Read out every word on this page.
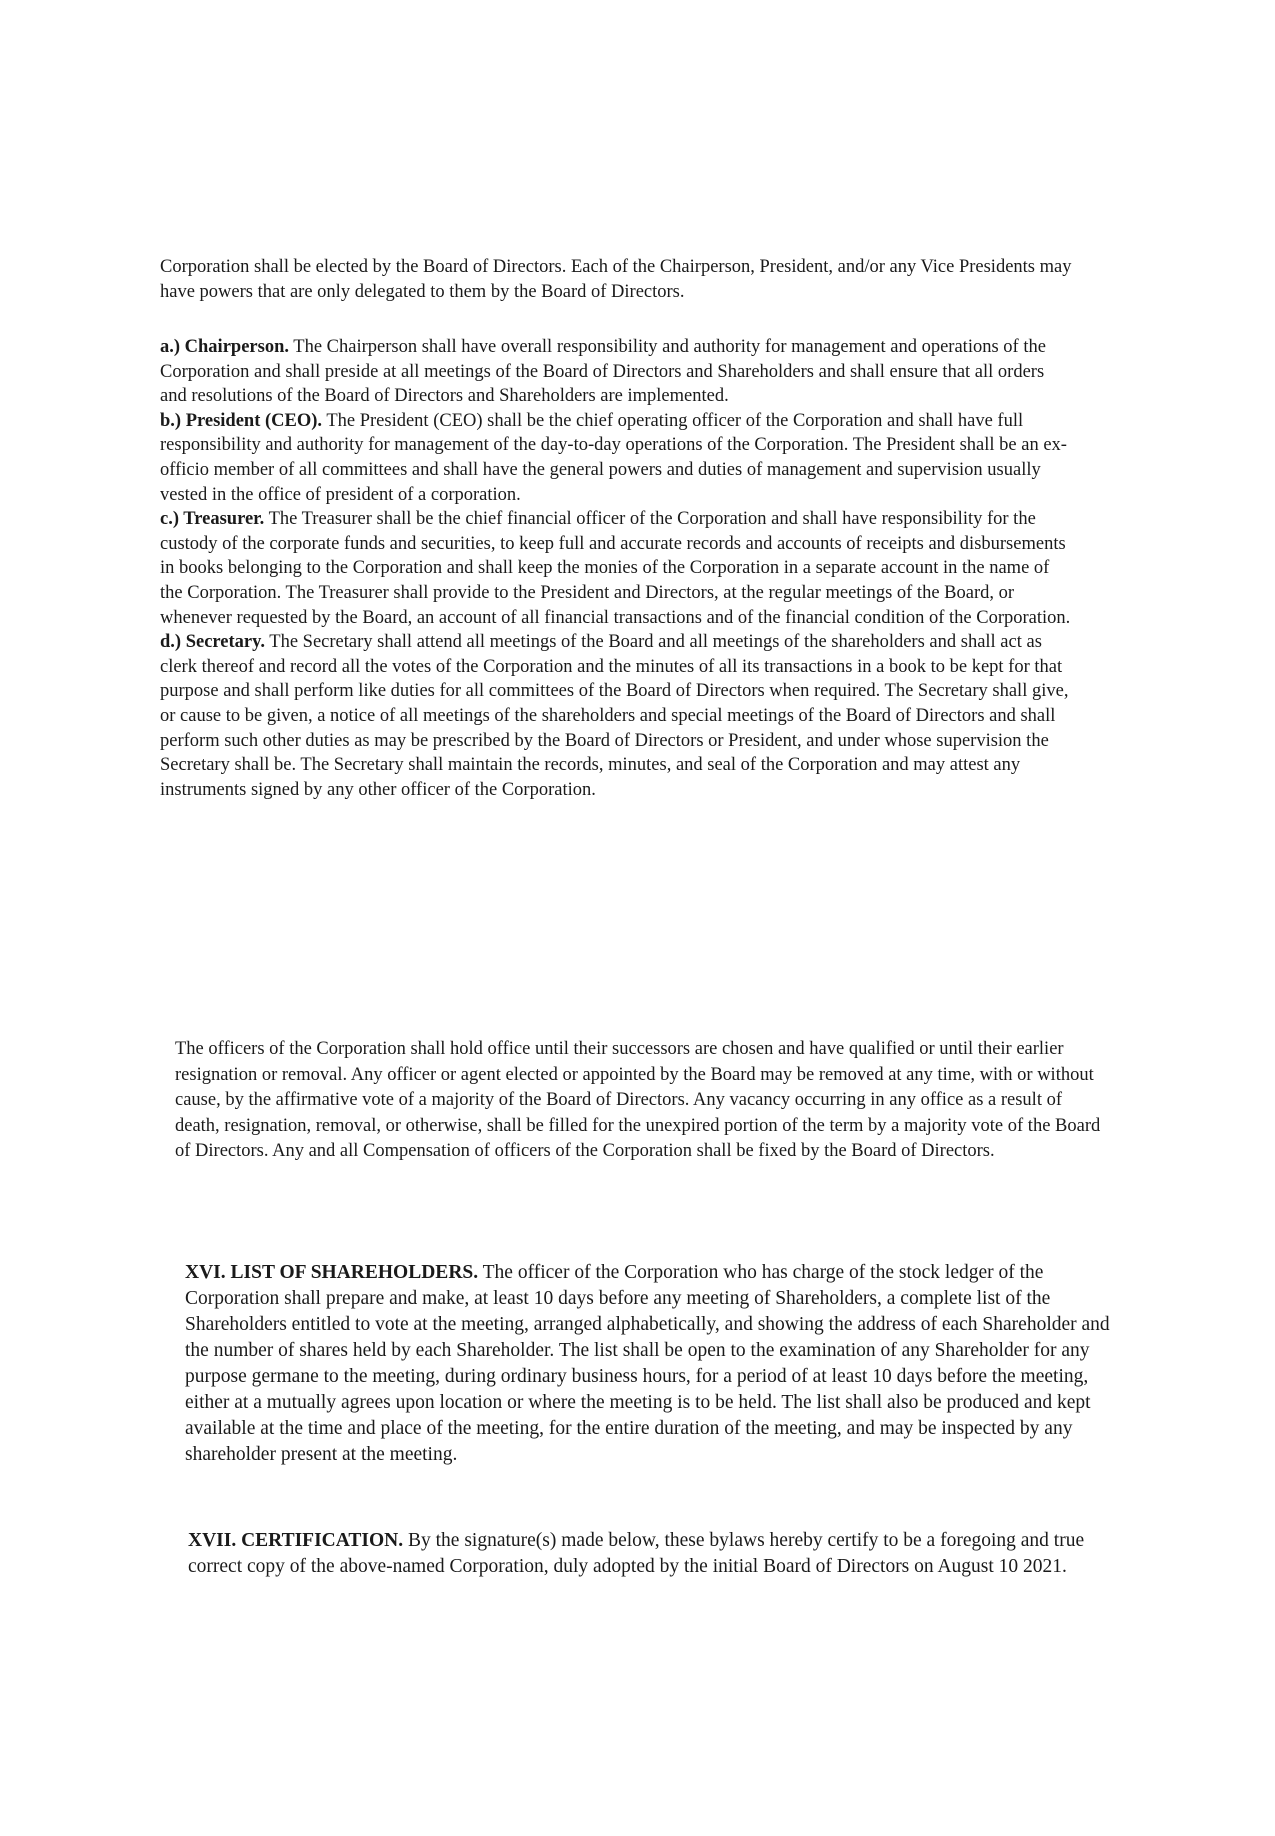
Corporation shall be elected by the Board of Directors. Each of the Chairperson, President, and/or any Vice Presidents may have powers that are only delegated to them by the Board of Directors.

a.) Chairperson. The Chairperson shall have overall responsibility and authority for management and operations of the Corporation and shall preside at all meetings of the Board of Directors and Shareholders and shall ensure that all orders and resolutions of the Board of Directors and Shareholders are implemented.

b.) President (CEO). The President (CEO) shall be the chief operating officer of the Corporation and shall have full responsibility and authority for management of the day-to-day operations of the Corporation. The President shall be an ex-officio member of all committees and shall have the general powers and duties of management and supervision usually vested in the office of president of a corporation.

c.) Treasurer. The Treasurer shall be the chief financial officer of the Corporation and shall have responsibility for the custody of the corporate funds and securities, to keep full and accurate records and accounts of receipts and disbursements in books belonging to the Corporation and shall keep the monies of the Corporation in a separate account in the name of the Corporation. The Treasurer shall provide to the President and Directors, at the regular meetings of the Board, or whenever requested by the Board, an account of all financial transactions and of the financial condition of the Corporation.

d.) Secretary. The Secretary shall attend all meetings of the Board and all meetings of the shareholders and shall act as clerk thereof and record all the votes of the Corporation and the minutes of all its transactions in a book to be kept for that purpose and shall perform like duties for all committees of the Board of Directors when required. The Secretary shall give, or cause to be given, a notice of all meetings of the shareholders and special meetings of the Board of Directors and shall perform such other duties as may be prescribed by the Board of Directors or President, and under whose supervision the Secretary shall be. The Secretary shall maintain the records, minutes, and seal of the Corporation and may attest any instruments signed by any other officer of the Corporation.

The officers of the Corporation shall hold office until their successors are chosen and have qualified or until their earlier resignation or removal. Any officer or agent elected or appointed by the Board may be removed at any time, with or without cause, by the affirmative vote of a majority of the Board of Directors. Any vacancy occurring in any office as a result of death, resignation, removal, or otherwise, shall be filled for the unexpired portion of the term by a majority vote of the Board of Directors. Any and all Compensation of officers of the Corporation shall be fixed by the Board of Directors.

XVI. LIST OF SHAREHOLDERS. The officer of the Corporation who has charge of the stock ledger of the Corporation shall prepare and make, at least 10 days before any meeting of Shareholders, a complete list of the Shareholders entitled to vote at the meeting, arranged alphabetically, and showing the address of each Shareholder and the number of shares held by each Shareholder. The list shall be open to the examination of any Shareholder for any purpose germane to the meeting, during ordinary business hours, for a period of at least 10 days before the meeting, either at a mutually agrees upon location or where the meeting is to be held. The list shall also be produced and kept available at the time and place of the meeting, for the entire duration of the meeting, and may be inspected by any shareholder present at the meeting.

XVII. CERTIFICATION. By the signature(s) made below, these bylaws hereby certify to be a foregoing and true correct copy of the above-named Corporation, duly adopted by the initial Board of Directors on August 10 2021.
